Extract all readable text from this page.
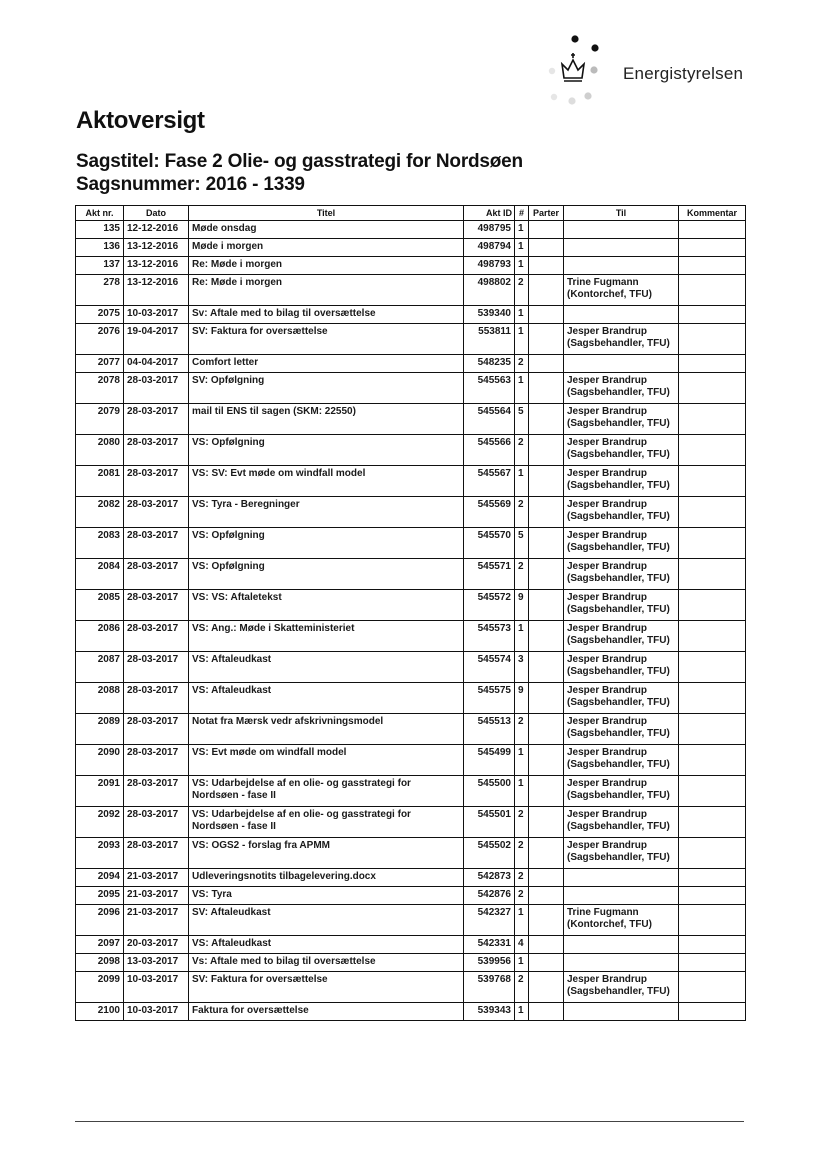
Energistyrelsen
Aktoversigt
Sagstitel: Fase 2 Olie- og gasstrategi for Nordsøen
Sagsnummer: 2016 - 1339
Akt nr.	Dato	Titel	Akt ID	#	Parter	Til	Kommentar
135	12-12-2016	Møde onsdag	498795	1			
136	13-12-2016	Møde i morgen	498794	1			
137	13-12-2016	Re: Møde i morgen	498793	1			
278	13-12-2016	Re: Møde i morgen	498802	2		Trine Fugmann (Kontorchef, TFU)	
2075	10-03-2017	Sv: Aftale med to bilag til oversættelse	539340	1			
2076	19-04-2017	SV: Faktura for oversættelse	553811	1		Jesper Brandrup (Sagsbehandler, TFU)	
2077	04-04-2017	Comfort letter	548235	2			
2078	28-03-2017	SV: Opfølgning	545563	1		Jesper Brandrup (Sagsbehandler, TFU)	
2079	28-03-2017	mail til ENS til sagen (SKM: 22550)	545564	5		Jesper Brandrup (Sagsbehandler, TFU)	
2080	28-03-2017	VS: Opfølgning	545566	2		Jesper Brandrup (Sagsbehandler, TFU)	
2081	28-03-2017	VS: SV: Evt møde om windfall model	545567	1		Jesper Brandrup (Sagsbehandler, TFU)	
2082	28-03-2017	VS: Tyra - Beregninger	545569	2		Jesper Brandrup (Sagsbehandler, TFU)	
2083	28-03-2017	VS: Opfølgning	545570	5		Jesper Brandrup (Sagsbehandler, TFU)	
2084	28-03-2017	VS: Opfølgning	545571	2		Jesper Brandrup (Sagsbehandler, TFU)	
2085	28-03-2017	VS: VS: Aftaletekst	545572	9		Jesper Brandrup (Sagsbehandler, TFU)	
2086	28-03-2017	VS: Ang.: Møde i Skatteministeriet	545573	1		Jesper Brandrup (Sagsbehandler, TFU)	
2087	28-03-2017	VS: Aftaleudkast	545574	3		Jesper Brandrup (Sagsbehandler, TFU)	
2088	28-03-2017	VS: Aftaleudkast	545575	9		Jesper Brandrup (Sagsbehandler, TFU)	
2089	28-03-2017	Notat fra Mærsk vedr afskrivningsmodel	545513	2		Jesper Brandrup (Sagsbehandler, TFU)	
2090	28-03-2017	VS: Evt møde om windfall model	545499	1		Jesper Brandrup (Sagsbehandler, TFU)	
2091	28-03-2017	VS: Udarbejdelse af en olie- og gasstrategi for Nordsøen - fase II	545500	1		Jesper Brandrup (Sagsbehandler, TFU)	
2092	28-03-2017	VS: Udarbejdelse af en olie- og gasstrategi for Nordsøen - fase II	545501	2		Jesper Brandrup (Sagsbehandler, TFU)	
2093	28-03-2017	VS: OGS2 - forslag fra APMM	545502	2		Jesper Brandrup (Sagsbehandler, TFU)	
2094	21-03-2017	Udleveringsnotits tilbagelevering.docx	542873	2			
2095	21-03-2017	VS: Tyra	542876	2			
2096	21-03-2017	SV: Aftaleudkast	542327	1		Trine Fugmann (Kontorchef, TFU)	
2097	20-03-2017	VS: Aftaleudkast	542331	4			
2098	13-03-2017	Vs: Aftale med to bilag til oversættelse	539956	1			
2099	10-03-2017	SV: Faktura for oversættelse	539768	2		Jesper Brandrup (Sagsbehandler, TFU)	
2100	10-03-2017	Faktura for oversættelse	539343	1			
